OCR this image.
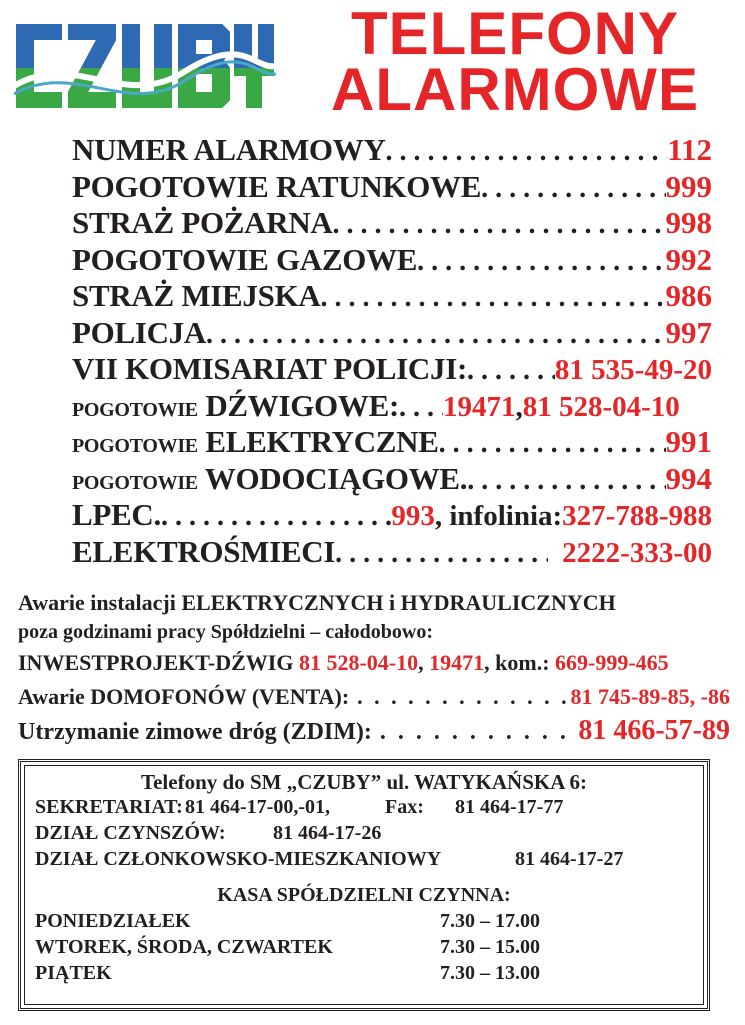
TELEFONY
ALARMOWE
NUMER ALARMOWY . . .	112
POGOTOWIE RATUNKOWE . . .	999
STRAŻ POŻARNA . . .	998
POGOTOWIE GAZOWE . . .	992
STRAŻ MIEJSKA . . .	986
POLICJA . . .	997
VII KOMISARIAT POLICJI: . . .	81 535-49-20
POGOTOWIE DŹWIGOWE: . . . 19471 , 81 528-04-10
POGOTOWIE ELEKTRYCZNE . . .	991
POGOTOWIE WODOCIĄGOWE. . . .	994
LPEC. . . .	993 , infolinia: 327-788-988
ELEKTROŚMIECI . . .	2222-333-00
Awarie instalacji ELEKTRYCZNYCH i HYDRAULICZNYCH
poza godzinami pracy Spółdzielni – całodobowo:
INWESTPROJEKT-DŹWIG 81 528-04-10, 19471, kom.: 669-999-465
Awarie DOMOFONÓW (VENTA): . . .	81 745-89-85, -86
Utrzymanie zimowe dróg (ZDIM): . . .	81 466-57-89
Telefony do SM „CZUBY” ul. WATYKAŃSKA 6:
SEKRETARIAT: 81 464-17-00,-01,	Fax: 81 464-17-77
DZIAŁ CZYNSZÓW: 81 464-17-26
DZIAŁ CZŁONKOWSKO-MIESZKANIOWY	81 464-17-27
KASA SPÓŁDZIELNI CZYNNA:
PONIEDZIAŁEK	7.30 – 17.00
WTOREK, ŚRODA, CZWARTEK	7.30 – 15.00
PIĄTEK	7.30 – 13.00
